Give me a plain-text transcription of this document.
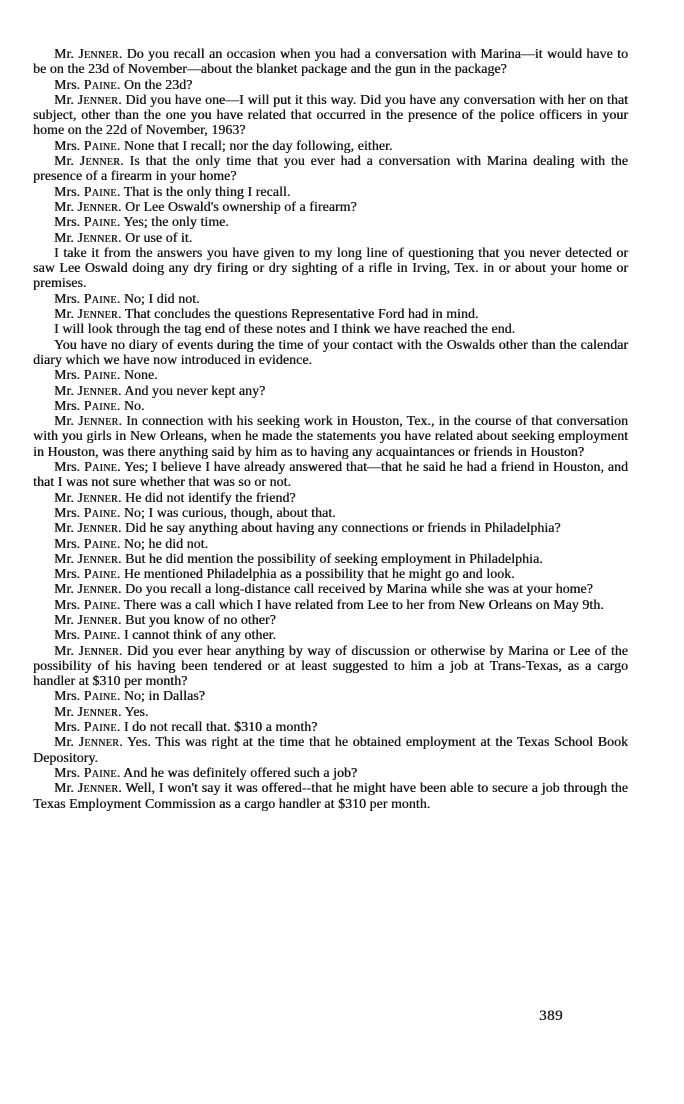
Mr. Jenner. Do you recall an occasion when you had a conversation with Marina—it would have to be on the 23d of November—about the blanket package and the gun in the package?

Mrs. Paine. On the 23d?

Mr. Jenner. Did you have one—I will put it this way. Did you have any conversation with her on that subject, other than the one you have related that occurred in the presence of the police officers in your home on the 22d of November, 1963?

Mrs. Paine. None that I recall; nor the day following, either.

Mr. Jenner. Is that the only time that you ever had a conversation with Marina dealing with the presence of a firearm in your home?

Mrs. Paine. That is the only thing I recall.

Mr. Jenner. Or Lee Oswald's ownership of a firearm?

Mrs. Paine. Yes; the only time.

Mr. Jenner. Or use of it.

I take it from the answers you have given to my long line of questioning that you never detected or saw Lee Oswald doing any dry firing or dry sighting of a rifle in Irving, Tex. in or about your home or premises.

Mrs. Paine. No; I did not.

Mr. Jenner. That concludes the questions Representative Ford had in mind.

I will look through the tag end of these notes and I think we have reached the end.

You have no diary of events during the time of your contact with the Oswalds other than the calendar diary which we have now introduced in evidence.

Mrs. Paine. None.

Mr. Jenner. And you never kept any?

Mrs. Paine. No.

Mr. Jenner. In connection with his seeking work in Houston, Tex., in the course of that conversation with you girls in New Orleans, when he made the statements you have related about seeking employment in Houston, was there anything said by him as to having any acquaintances or friends in Houston?

Mrs. Paine. Yes; I believe I have already answered that—that he said he had a friend in Houston, and that I was not sure whether that was so or not.

Mr. Jenner. He did not identify the friend?

Mrs. Paine. No; I was curious, though, about that.

Mr. Jenner. Did he say anything about having any connections or friends in Philadelphia?

Mrs. Paine. No; he did not.

Mr. Jenner. But he did mention the possibility of seeking employment in Philadelphia.

Mrs. Paine. He mentioned Philadelphia as a possibility that he might go and look.

Mr. Jenner. Do you recall a long-distance call received by Marina while she was at your home?

Mrs. Paine. There was a call which I have related from Lee to her from New Orleans on May 9th.

Mr. Jenner. But you know of no other?

Mrs. Paine. I cannot think of any other.

Mr. Jenner. Did you ever hear anything by way of discussion or otherwise by Marina or Lee of the possibility of his having been tendered or at least suggested to him a job at Trans-Texas, as a cargo handler at $310 per month?

Mrs. Paine. No; in Dallas?

Mr. Jenner. Yes.

Mrs. Paine. I do not recall that. $310 a month?

Mr. Jenner. Yes. This was right at the time that he obtained employment at the Texas School Book Depository.

Mrs. Paine. And he was definitely offered such a job?

Mr. Jenner. Well, I won't say it was offered--that he might have been able to secure a job through the Texas Employment Commission as a cargo handler at $310 per month.

389
